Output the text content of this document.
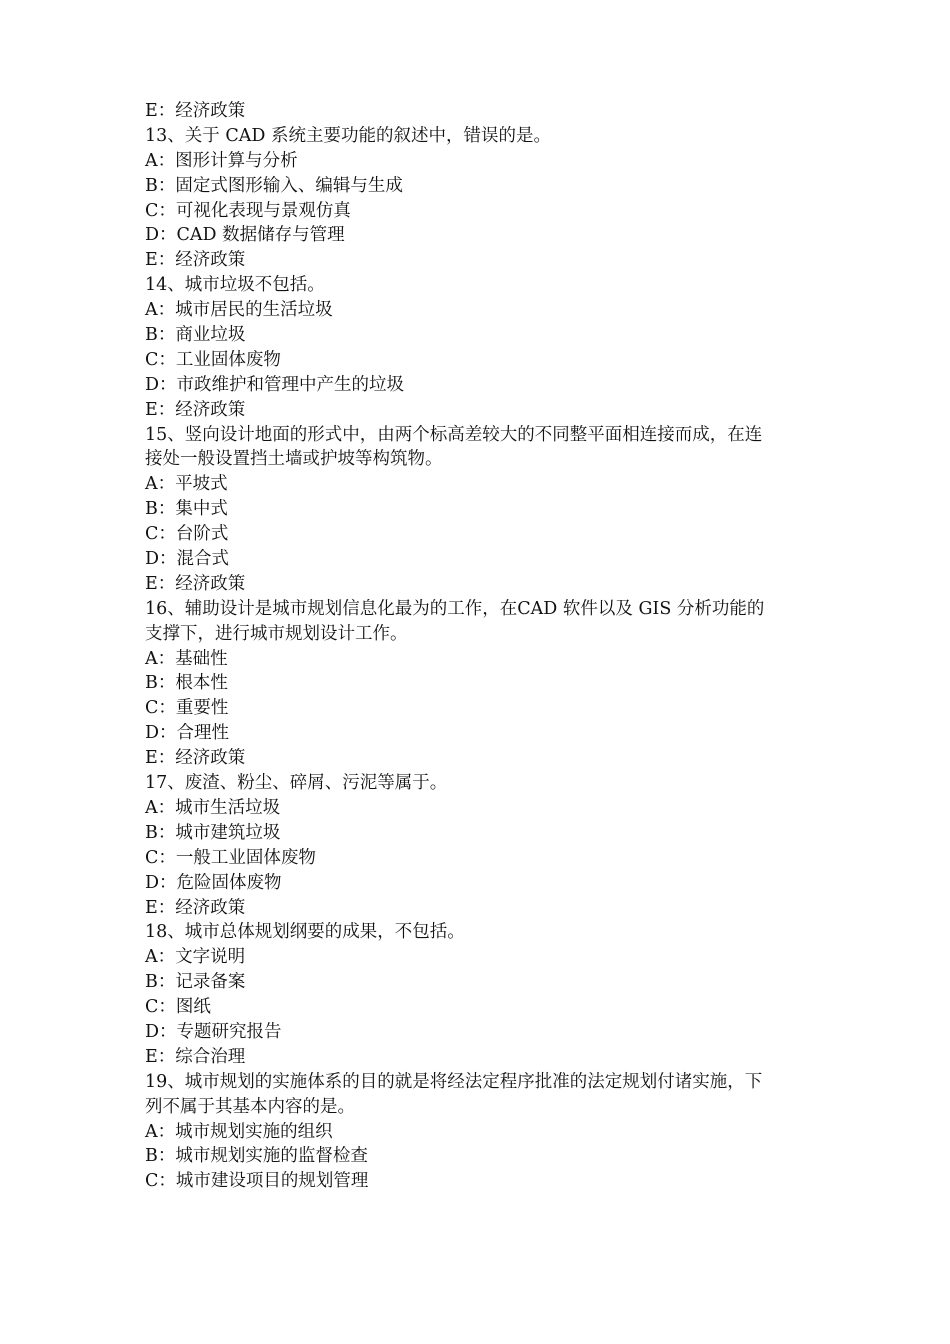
E：经济政策
13、关于 CAD 系统主要功能的叙述中，错误的是。
A：图形计算与分析
B：固定式图形输入、编辑与生成
C：可视化表现与景观仿真
D：CAD 数据储存与管理
E：经济政策
14、城市垃圾不包括。
A：城市居民的生活垃圾
B：商业垃圾
C：工业固体废物
D：市政维护和管理中产生的垃圾
E：经济政策
15、竖向设计地面的形式中，由两个标高差较大的不同整平面相连接而成，在连
接处一般设置挡土墙或护坡等构筑物。
A：平坡式
B：集中式
C：台阶式
D：混合式
E：经济政策
16、辅助设计是城市规划信息化最为的工作，在CAD 软件以及 GIS 分析功能的
支撑下，进行城市规划设计工作。
A：基础性
B：根本性
C：重要性
D：合理性
E：经济政策
17、废渣、粉尘、碎屑、污泥等属于。
A：城市生活垃圾
B：城市建筑垃圾
C：一般工业固体废物
D：危险固体废物
E：经济政策
18、城市总体规划纲要的成果，不包括。
A：文字说明
B：记录备案
C：图纸
D：专题研究报告
E：综合治理
19、城市规划的实施体系的目的就是将经法定程序批准的法定规划付诸实施，下
列不属于其基本内容的是。
A：城市规划实施的组织
B：城市规划实施的监督检查
C：城市建设项目的规划管理
